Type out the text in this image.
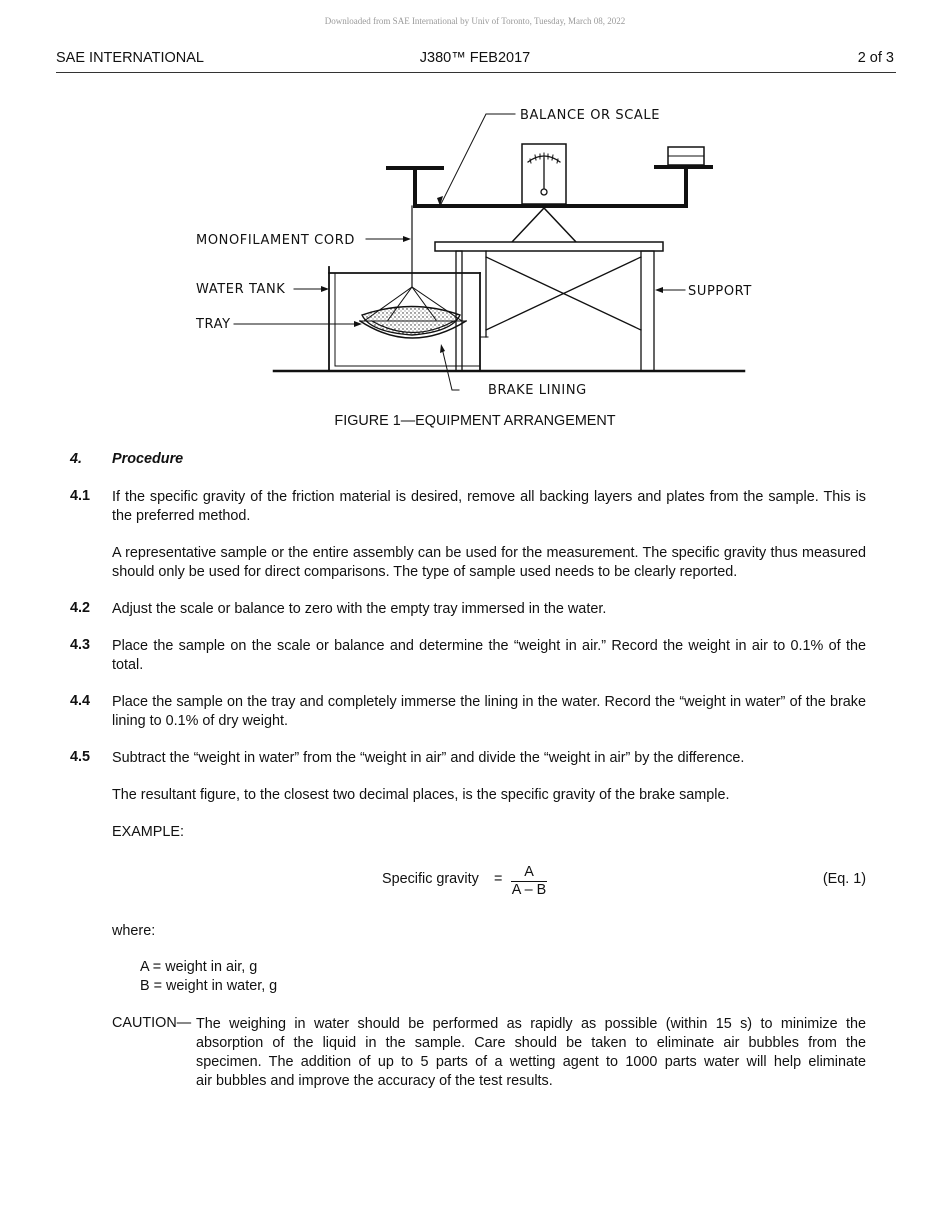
Downloaded from SAE International by Univ of Toronto, Tuesday, March 08, 2022
SAE INTERNATIONAL	J380™ FEB2017	2 of 3
BALANCE OR SCALE
MONOFILAMENT CORD
WATER TANK
TRAY
SUPPORT
BRAKE LINING
FIGURE 1—EQUIPMENT ARRANGEMENT
4. Procedure
4.1 If the specific gravity of the friction material is desired, remove all backing layers and plates from the sample. This is the preferred method.
A representative sample or the entire assembly can be used for the measurement. The specific gravity thus measured should only be used for direct comparisons. The type of sample used needs to be clearly reported.
4.2 Adjust the scale or balance to zero with the empty tray immersed in the water.
4.3 Place the sample on the scale or balance and determine the “weight in air.” Record the weight in air to 0.1% of the total.
4.4 Place the sample on the tray and completely immerse the lining in the water. Record the “weight in water” of the brake lining to 0.1% of dry weight.
4.5 Subtract the “weight in water” from the “weight in air” and divide the “weight in air” by the difference.
The resultant figure, to the closest two decimal places, is the specific gravity of the brake sample.
EXAMPLE:
Specific gravity =	A
A – B
(Eq. 1)
where:
A = weight in air, g
B = weight in water, g
CAUTION— The weighing in water should be performed as rapidly as possible (within 15 s) to minimize the
absorption of the liquid in the sample. Care should be taken to eliminate air bubbles from the
specimen. The addition of up to 5 parts of a wetting agent to 1000 parts water will help eliminate
air bubbles and improve the accuracy of the test results.
